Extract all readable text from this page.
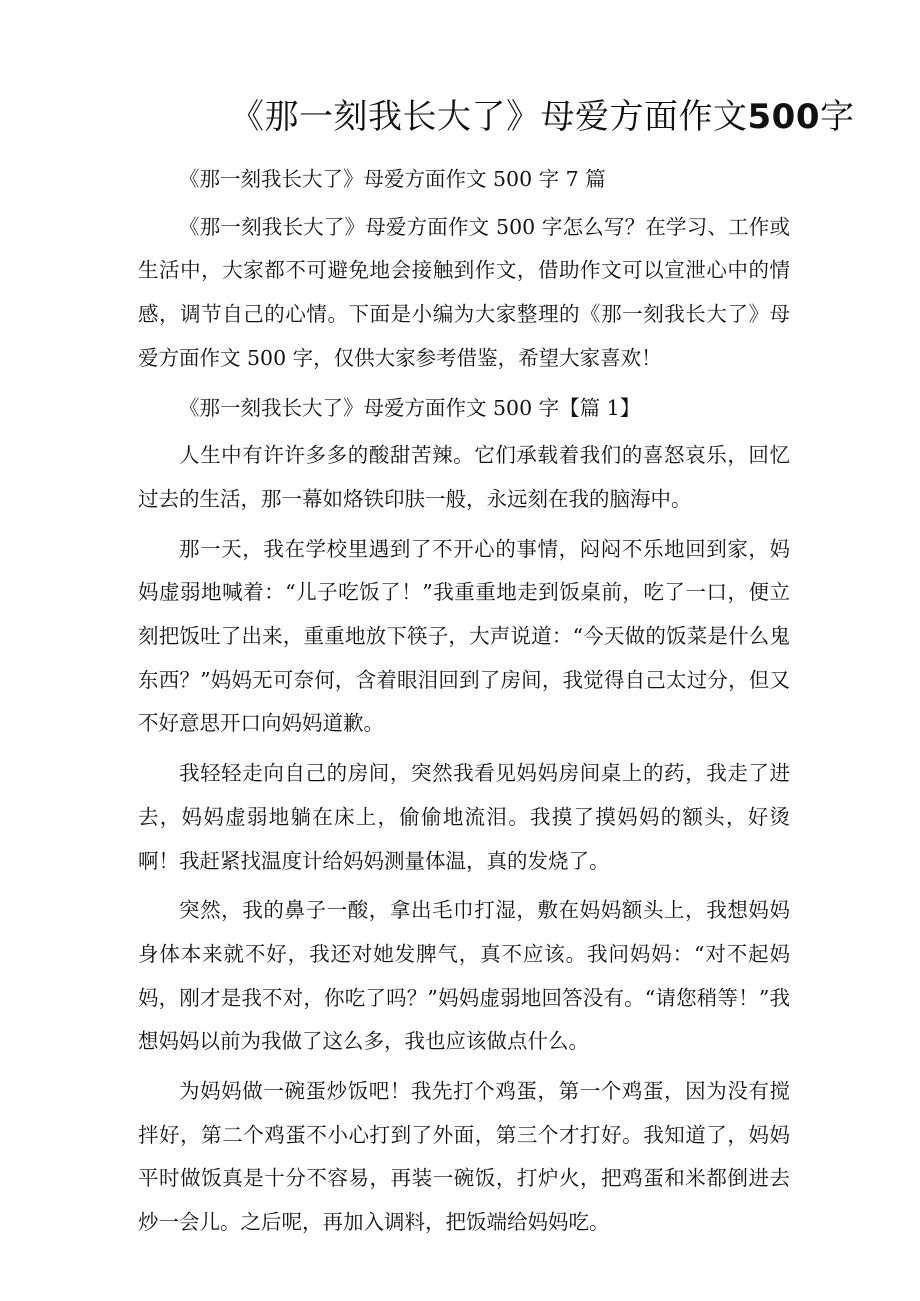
《那一刻我长大了》母爱方面作文500字

《那一刻我长大了》母爱方面作文 500 字 7 篇

《那一刻我长大了》母爱方面作文 500 字怎么写？在学习、工作或生活中，大家都不可避免地会接触到作文，借助作文可以宣泄心中的情感，调节自己的心情。下面是小编为大家整理的《那一刻我长大了》母爱方面作文 500 字，仅供大家参考借鉴，希望大家喜欢！

《那一刻我长大了》母爱方面作文 500 字【篇 1】

人生中有许许多多的酸甜苦辣。它们承载着我们的喜怒哀乐，回忆过去的生活，那一幕如烙铁印肤一般，永远刻在我的脑海中。

那一天，我在学校里遇到了不开心的事情，闷闷不乐地回到家，妈妈虚弱地喊着：“儿子吃饭了！”我重重地走到饭桌前，吃了一口，便立刻把饭吐了出来，重重地放下筷子，大声说道：“今天做的饭菜是什么鬼东西？”妈妈无可奈何，含着眼泪回到了房间，我觉得自己太过分，但又不好意思开口向妈妈道歉。

我轻轻走向自己的房间，突然我看见妈妈房间桌上的药，我走了进去，妈妈虚弱地躺在床上，偷偷地流泪。我摸了摸妈妈的额头，好烫啊！我赶紧找温度计给妈妈测量体温，真的发烧了。

突然，我的鼻子一酸，拿出毛巾打湿，敷在妈妈额头上，我想妈妈身体本来就不好，我还对她发脾气，真不应该。我问妈妈：“对不起妈妈，刚才是我不对，你吃了吗？”妈妈虚弱地回答没有。“请您稍等！”我想妈妈以前为我做了这么多，我也应该做点什么。

为妈妈做一碗蛋炒饭吧！我先打个鸡蛋，第一个鸡蛋，因为没有搅拌好，第二个鸡蛋不小心打到了外面，第三个才打好。我知道了，妈妈平时做饭真是十分不容易，再装一碗饭，打炉火，把鸡蛋和米都倒进去炒一会儿。之后呢，再加入调料，把饭端给妈妈吃。
